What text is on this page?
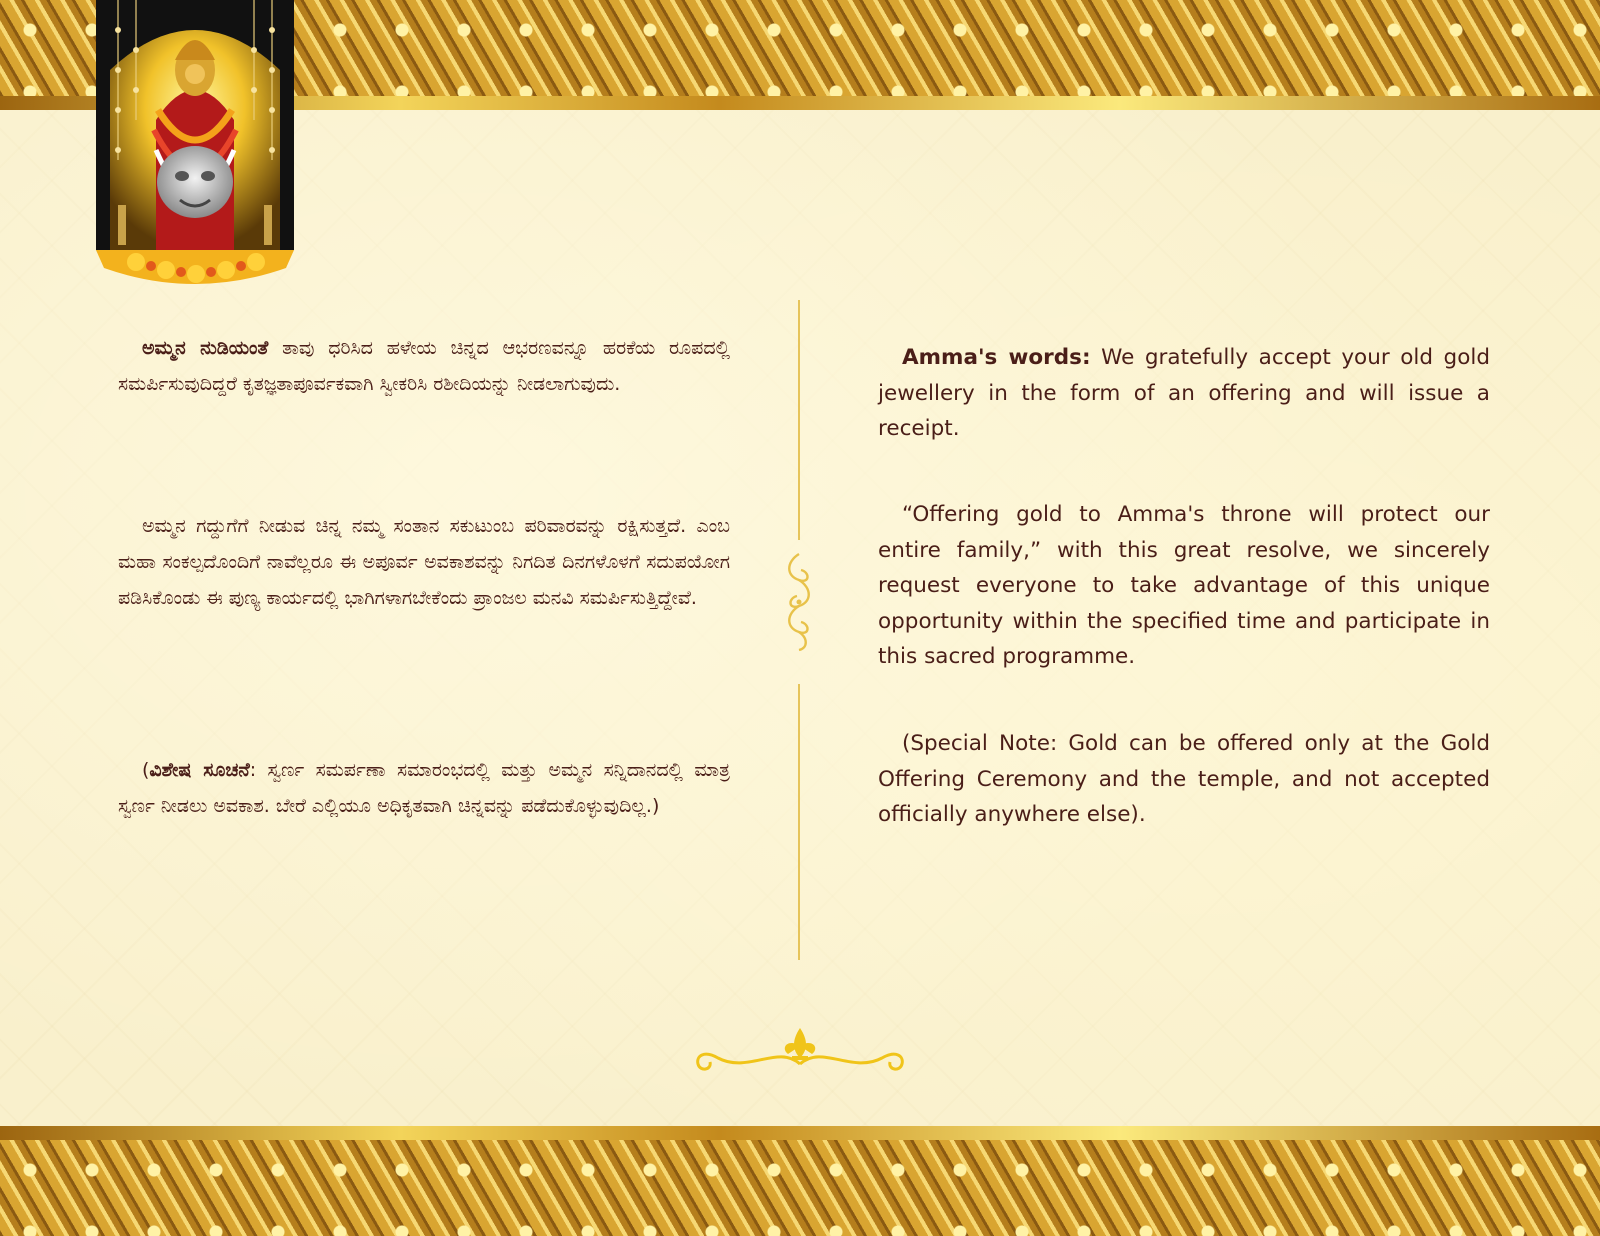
ಅಮ್ಮನ ನುಡಿಯಂತೆ ತಾವು ಧರಿಸಿದ ಹಳೇಯ ಚಿನ್ನದ ಆಭರಣವನ್ನೂ ಹರಕೆಯ ರೂಪದಲ್ಲಿ ಸಮರ್ಪಿಸುವುದಿದ್ದರೆ ಕೃತಜ್ಞತಾಪೂರ್ವಕವಾಗಿ ಸ್ವೀಕರಿಸಿ ರಶೀದಿಯನ್ನು ನೀಡಲಾಗುವುದು.

ಅಮ್ಮನ ಗದ್ದುಗೆಗೆ ನೀಡುವ ಚಿನ್ನ ನಮ್ಮ ಸಂತಾನ ಸಕುಟುಂಬ ಪರಿವಾರವನ್ನು ರಕ್ಷಿಸುತ್ತದೆ. ಎಂಬ ಮಹಾ ಸಂಕಲ್ಪದೊಂದಿಗೆ ನಾವೆಲ್ಲರೂ ಈ ಅಪೂರ್ವ ಅವಕಾಶವನ್ನು ನಿಗದಿತ ದಿನಗಳೊಳಗೆ ಸದುಪಯೋಗ ಪಡಿಸಿಕೊಂಡು ಈ ಪುಣ್ಯ ಕಾರ್ಯದಲ್ಲಿ ಭಾಗಿಗಳಾಗಬೇಕೆಂದು ಪ್ರಾಂಜಲ ಮನವಿ ಸಮರ್ಪಿಸುತ್ತಿದ್ದೇವೆ.

(ವಿಶೇಷ ಸೂಚನೆ: ಸ್ವರ್ಣ ಸಮರ್ಪಣಾ ಸಮಾರಂಭದಲ್ಲಿ ಮತ್ತು ಅಮ್ಮನ ಸನ್ನಿದಾನದಲ್ಲಿ ಮಾತ್ರ ಸ್ವರ್ಣ ನೀಡಲು ಅವಕಾಶ. ಬೇರೆ ಎಲ್ಲಿಯೂ ಅಧಿಕೃತವಾಗಿ ಚಿನ್ನವನ್ನು ಪಡೆದುಕೊಳ್ಳುವುದಿಲ್ಲ.)

Amma's words: We gratefully accept your old gold jewellery in the form of an offering and will issue a receipt.

“Offering gold to Amma's throne will protect our entire family,” with this great resolve, we sincerely request everyone to take advantage of this unique opportunity within the specified time and participate in this sacred programme.

(Special Note: Gold can be offered only at the Gold Offering Ceremony and the temple, and not accepted officially anywhere else).
